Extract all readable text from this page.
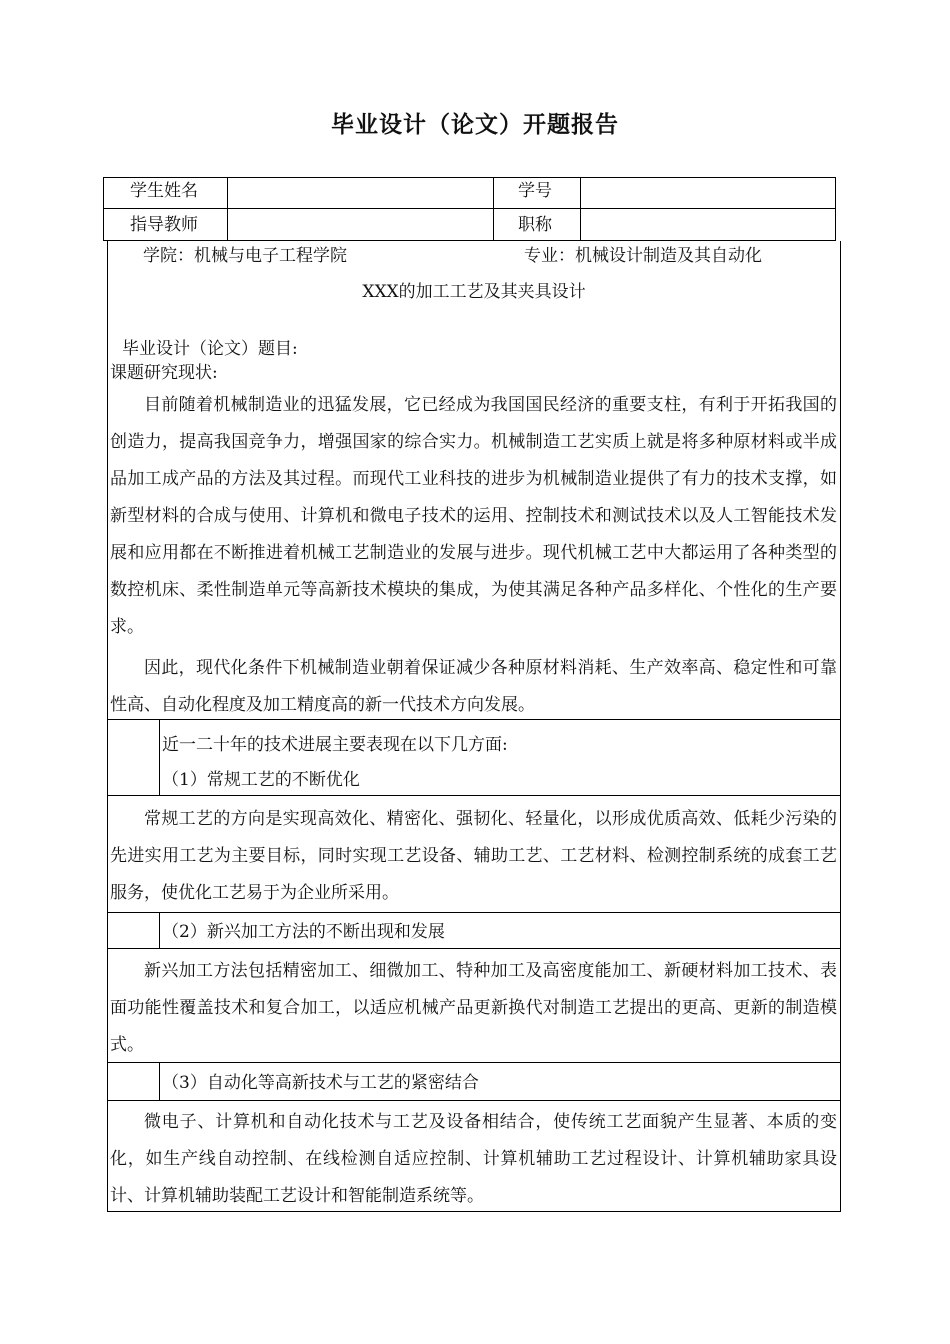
毕业设计（论文）开题报告
学生姓名	学号
指导教师	职称
学院：机械与电子工程学院	专业：机械设计制造及其自动化
XXX的加工工艺及其夹具设计
毕业设计（论文）题目:
课题研究现状:
目前随着机械制造业的迅猛发展，它已经成为我国国民经济的重要支柱，有利于开拓我国的创造力，提高我国竞争力，增强国家的综合实力。机械制造工艺实质上就是将多种原材料或半成品加工成产品的方法及其过程。而现代工业科技的进步为机械制造业提供了有力的技术支撑，如新型材料的合成与使用、计算机和微电子技术的运用、控制技术和测试技术以及人工智能技术发展和应用都在不断推进着机械工艺制造业的发展与进步。现代机械工艺中大都运用了各种类型的数控机床、柔性制造单元等高新技术模块的集成，为使其满足各种产品多样化、个性化的生产要求。
因此，现代化条件下机械制造业朝着保证减少各种原材料消耗、生产效率高、稳定性和可靠性高、自动化程度及加工精度高的新一代技术方向发展。
近一二十年的技术进展主要表现在以下几方面:
（1）常规工艺的不断优化
常规工艺的方向是实现高效化、精密化、强韧化、轻量化，以形成优质高效、低耗少污染的先进实用工艺为主要目标，同时实现工艺设备、辅助工艺、工艺材料、检测控制系统的成套工艺服务，使优化工艺易于为企业所采用。
（2）新兴加工方法的不断出现和发展
新兴加工方法包括精密加工、细微加工、特种加工及高密度能加工、新硬材料加工技术、表面功能性覆盖技术和复合加工，以适应机械产品更新换代对制造工艺提出的更高、更新的制造模式。
（3）自动化等高新技术与工艺的紧密结合
微电子、计算机和自动化技术与工艺及设备相结合，使传统工艺面貌产生显著、本质的变化，如生产线自动控制、在线检测自适应控制、计算机辅助工艺过程设计、计算机辅助家具设计、计算机辅助装配工艺设计和智能制造系统等。
